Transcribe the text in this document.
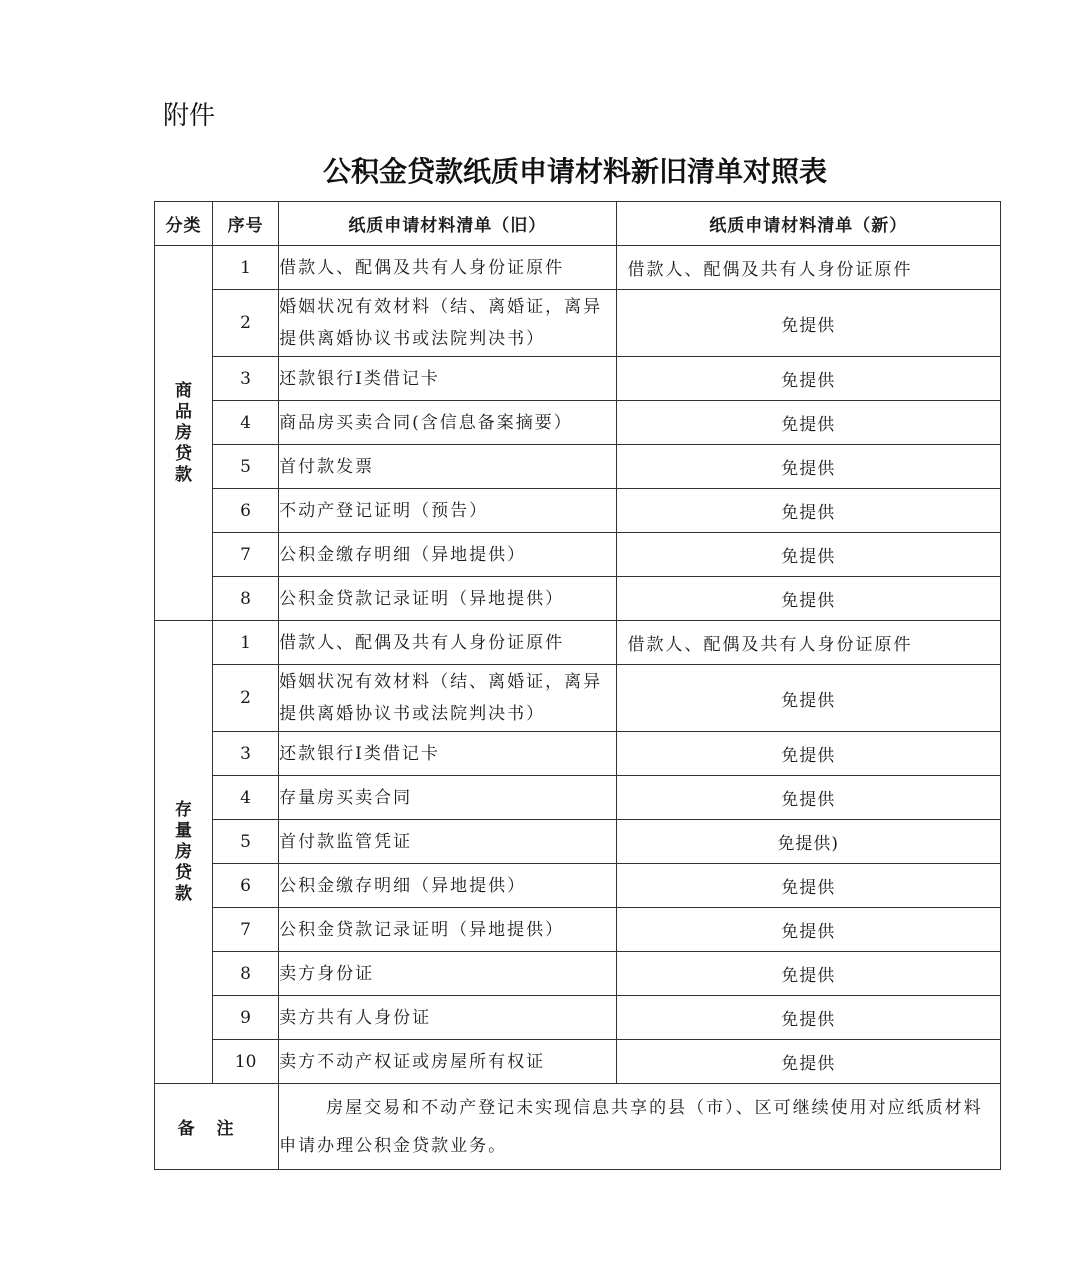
附件
公积金贷款纸质申请材料新旧清单对照表
分类	序号	纸质申请材料清单（旧）	纸质申请材料清单（新）
商品房贷款	1	借款人、配偶及共有人身份证原件	借款人、配偶及共有人身份证原件
	2	婚姻状况有效材料（结、离婚证，离异提供离婚协议书或法院判决书）	免提供
	3	还款银行Ⅰ类借记卡	免提供
	4	商品房买卖合同(含信息备案摘要）	免提供
	5	首付款发票	免提供
	6	不动产登记证明（预告）	免提供
	7	公积金缴存明细（异地提供）	免提供
	8	公积金贷款记录证明（异地提供）	免提供
存量房贷款	1	借款人、配偶及共有人身份证原件	借款人、配偶及共有人身份证原件
	2	婚姻状况有效材料（结、离婚证，离异提供离婚协议书或法院判决书）	免提供
	3	还款银行Ⅰ类借记卡	免提供
	4	存量房买卖合同	免提供
	5	首付款监管凭证	免提供)
	6	公积金缴存明细（异地提供）	免提供
	7	公积金贷款记录证明（异地提供）	免提供
	8	卖方身份证	免提供
	9	卖方共有人身份证	免提供
	10	卖方不动产权证或房屋所有权证	免提供
备注		房屋交易和不动产登记未实现信息共享的县（市）、区可继续使用对应纸质材料申请办理公积金贷款业务。	
